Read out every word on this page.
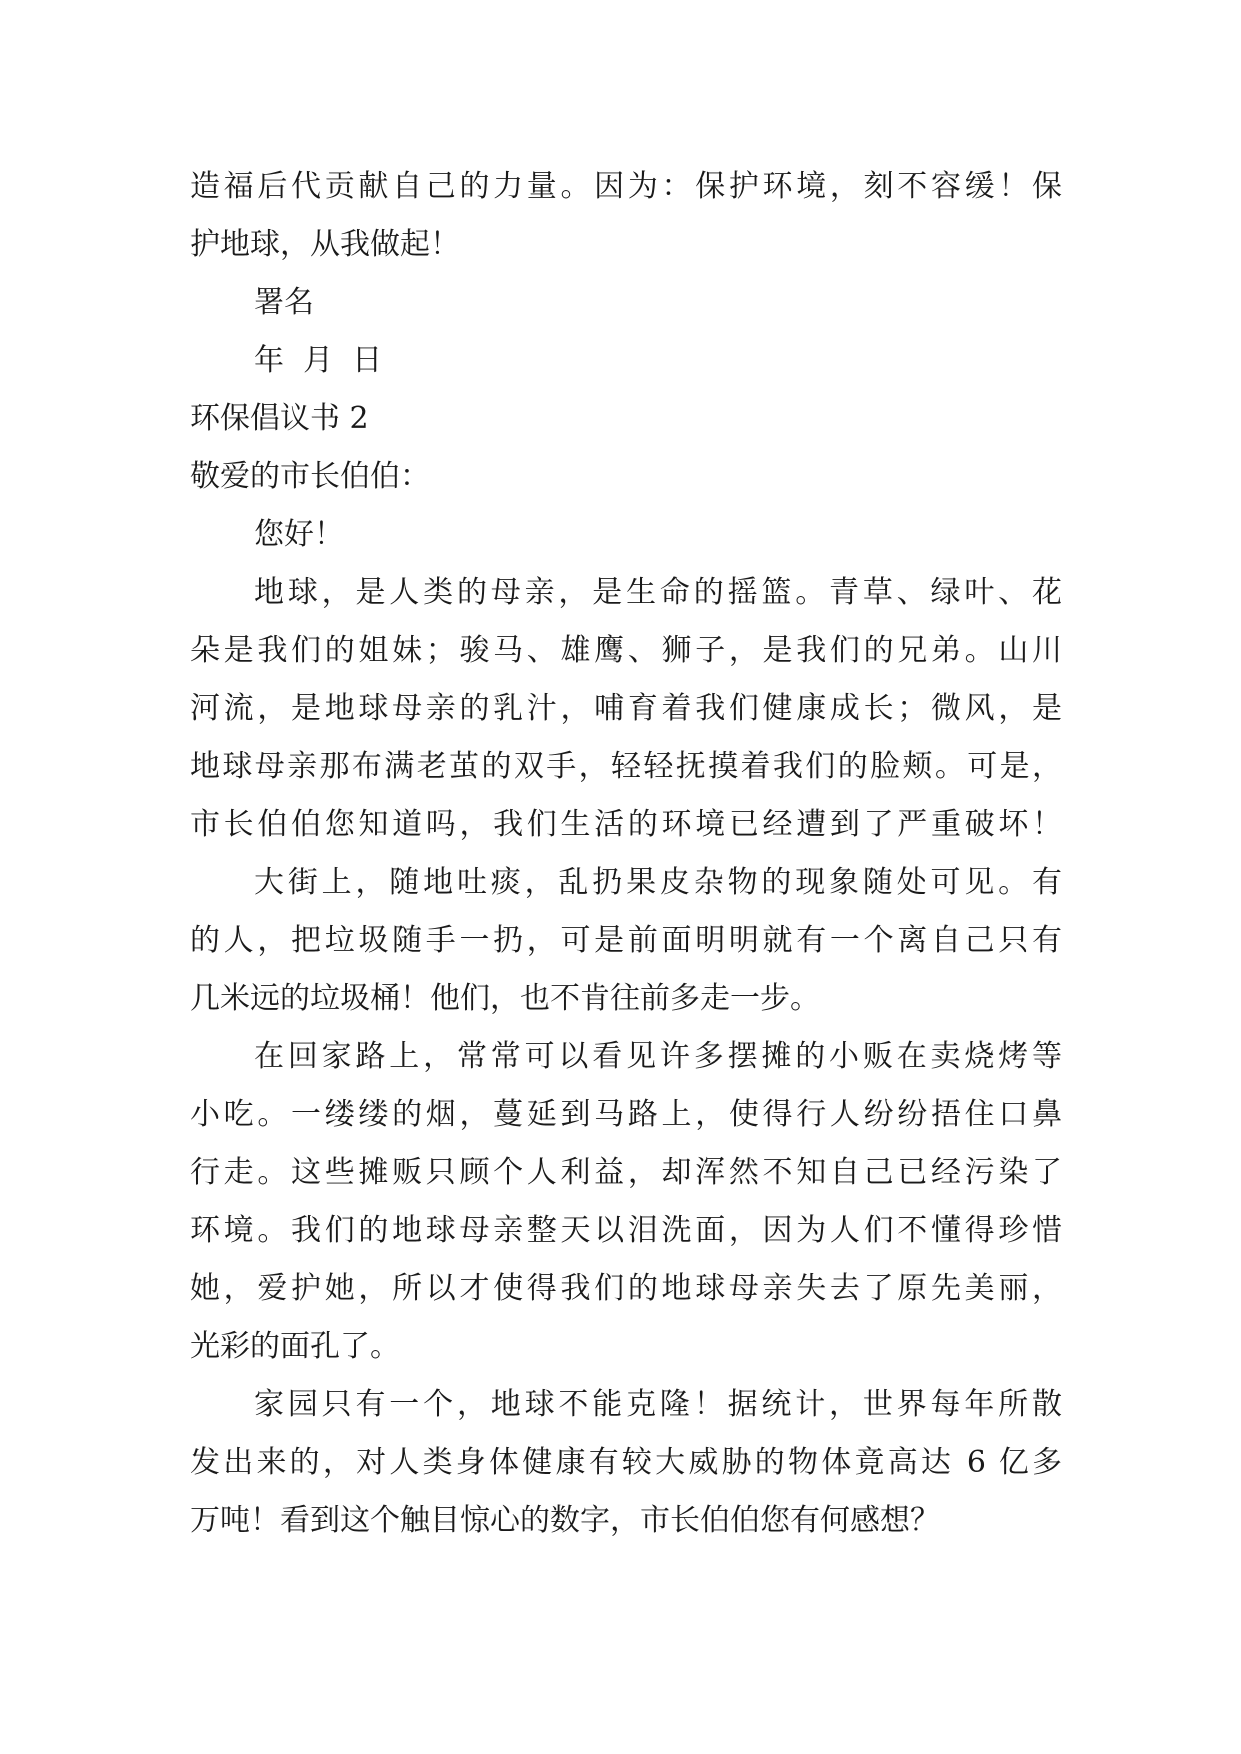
造福后代贡献自己的力量。因为：保护环境，刻不容缓！保
护地球，从我做起！
署名
年  月  日
环保倡议书 2
敬爱的市长伯伯：
您好！
地球，是人类的母亲，是生命的摇篮。青草、绿叶、花
朵是我们的姐妹；骏马、雄鹰、狮子，是我们的兄弟。山川
河流，是地球母亲的乳汁，哺育着我们健康成长；微风，是
地球母亲那布满老茧的双手，轻轻抚摸着我们的脸颊。可是，
市长伯伯您知道吗，我们生活的环境已经遭到了严重破坏！
大街上，随地吐痰，乱扔果皮杂物的现象随处可见。有
的人，把垃圾随手一扔，可是前面明明就有一个离自己只有
几米远的垃圾桶！他们，也不肯往前多走一步。
在回家路上，常常可以看见许多摆摊的小贩在卖烧烤等
小吃。一缕缕的烟，蔓延到马路上，使得行人纷纷捂住口鼻
行走。这些摊贩只顾个人利益，却浑然不知自己已经污染了
环境。我们的地球母亲整天以泪洗面，因为人们不懂得珍惜
她，爱护她，所以才使得我们的地球母亲失去了原先美丽，
光彩的面孔了。
家园只有一个，地球不能克隆！据统计，世界每年所散
发出来的，对人类身体健康有较大威胁的物体竟高达 6 亿多
万吨！看到这个触目惊心的数字，市长伯伯您有何感想？
